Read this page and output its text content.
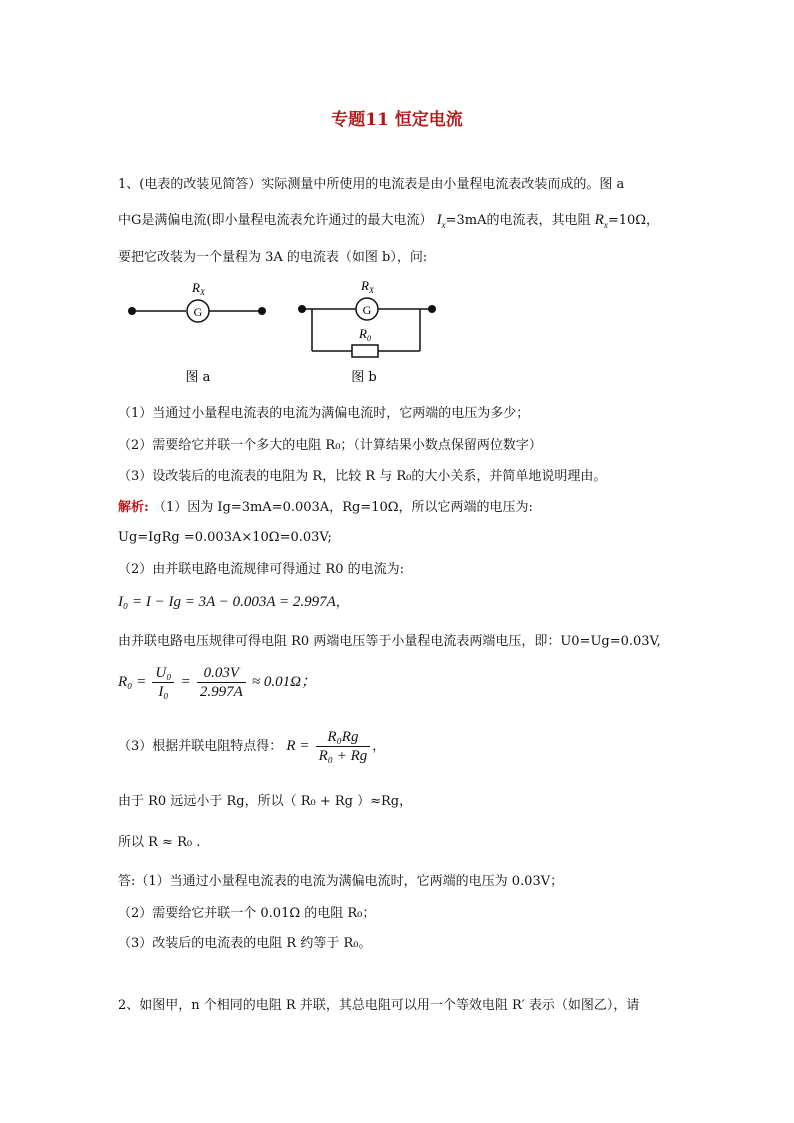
专题11 恒定电流
1、(电表的改装见简答）实际测量中所使用的电流表是由小量程电流表改装而成的。图 a
中G是满偏电流(即小量程电流表允许通过的最大电流） $I_x=3mA$的电流表，其电阻 $R_x=10\Omega$，
要把它改装为一个量程为 3A 的电流表（如图 b），问:
G
$R_X$
图 a
G
$R_X$
$R_0$
图 b
（1）当通过小量程电流表的电流为满偏电流时，它两端的电压为多少；
（2）需要给它并联一个多大的电阻 R₀；（计算结果小数点保留两位数字）
（3）设改装后的电流表的电阻为 R，比较 R 与 R₀的大小关系，并简单地说明理由。
解析: （1）因为 Ig=3mA=0.003A，Rg=10Ω，所以它两端的电压为:
Ug=IgRg =0.003A×10Ω=0.03V;
（2）由并联电路电流规律可得通过 R0 的电流为:
I₀ = I − Ig = 3A − 0.003A = 2.997A，
由并联电路电压规律可得电阻 R0 两端电压等于小量程电流表两端电压，即：U0=Ug=0.03V,
$R_0 = \frac{\text{U₀}}{\text{I₀}} = \frac{0.03V}{2.997A} \approx 0.01\Omega$；
（3）根据并联电阻特点得： $R = \frac{\text{R₀Rg}}{\text{R₀ + Rg}}$ ，
由于 R0 远远小于 Rg，所以（ R₀ + Rg ）≈Rg，
所以 R ≈ R₀ .
答:（1）当通过小量程电流表的电流为满偏电流时，它两端的电压为 0.03V；
（2）需要给它并联一个 0.01Ω 的电阻 R₀；
（3）改装后的电流表的电阻 R 约等于 R₀。
2、如图甲，n 个相同的电阻 R 并联，其总电阻可以用一个等效电阻 R′ 表示（如图乙），请
